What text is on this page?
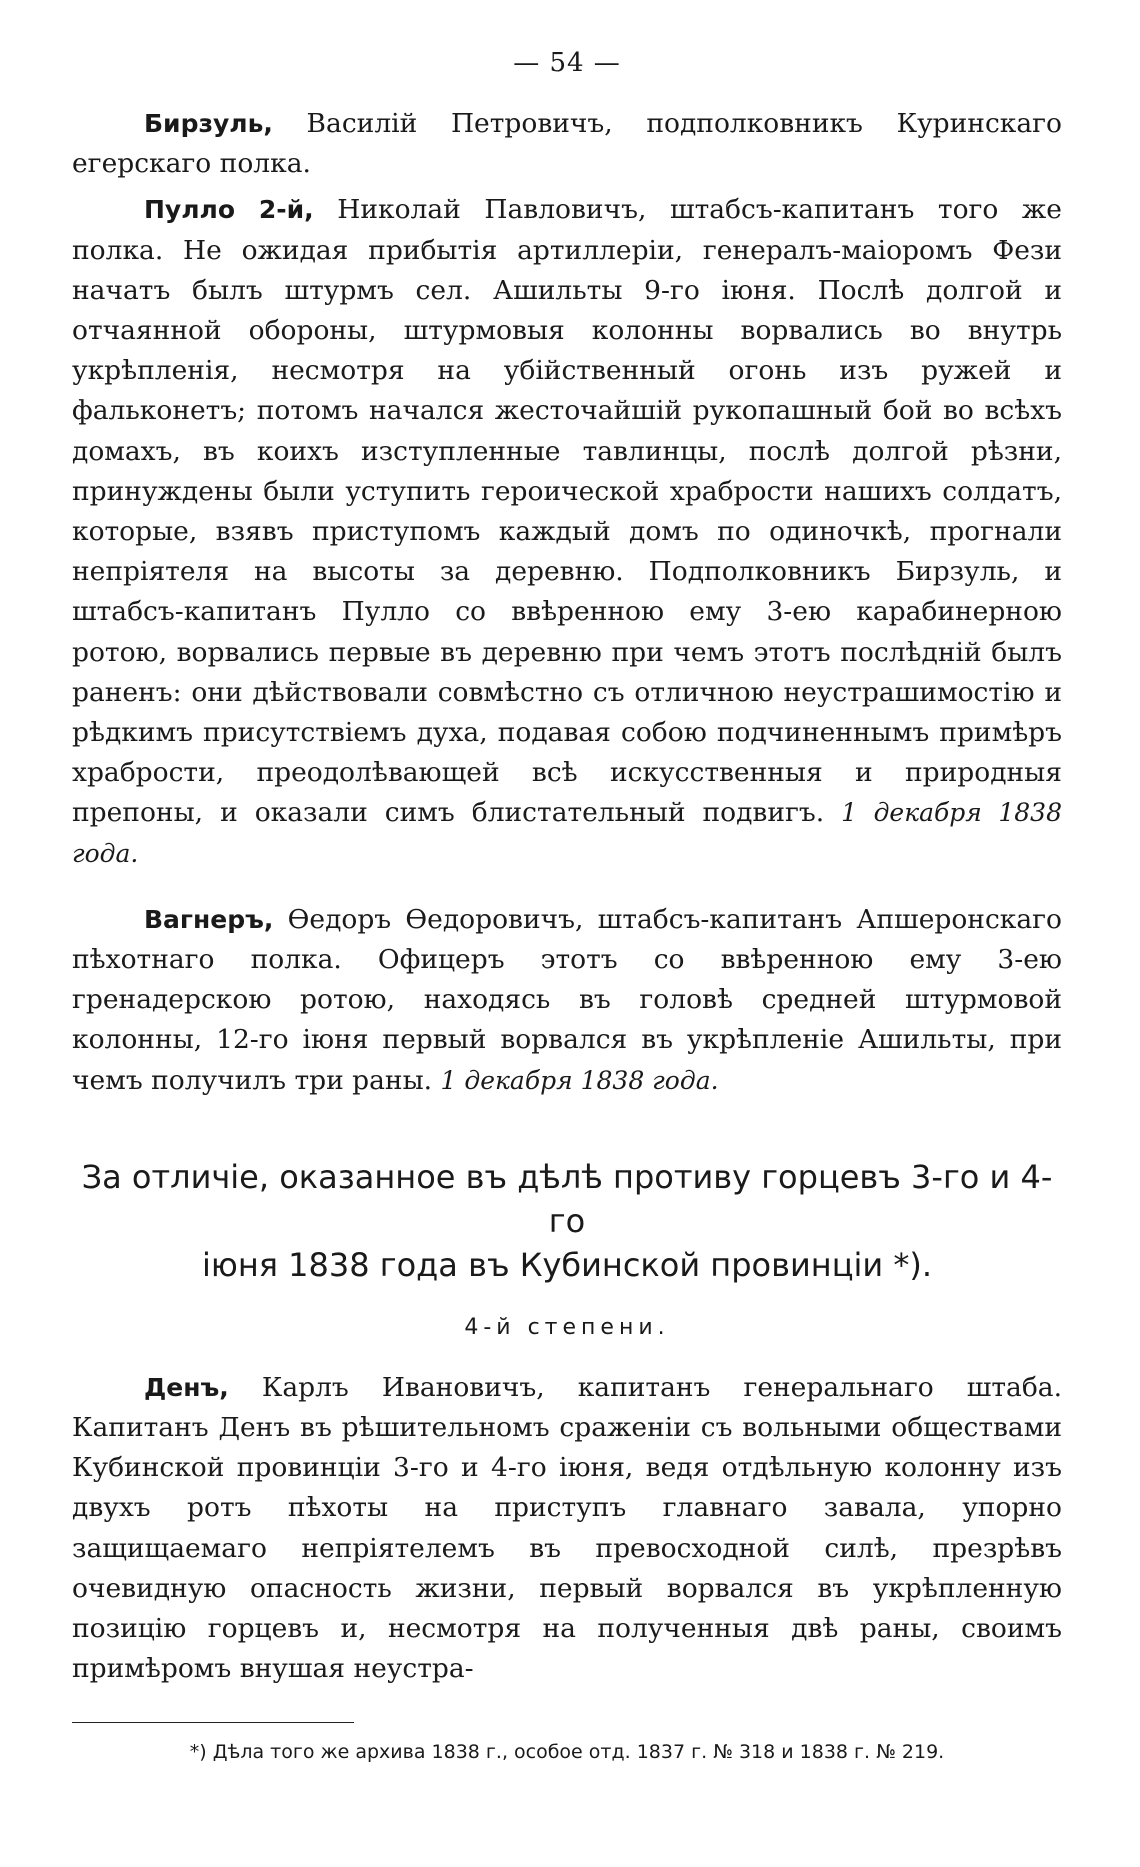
— 54 —

Бирзуль, Василій Петровичъ, подполковникъ Куринскаго егерскаго полка.

Пулло 2-й, Николай Павловичъ, штабсъ-капитанъ того же полка. Не ожидая прибытія артиллеріи, генералъ-маіоромъ Фези начатъ былъ штурмъ сел. Ашильты 9-го іюня. Послѣ долгой и отчаянной обороны, штурмовыя колонны ворвались во внутрь укрѣпленія, несмотря на убійственный огонь изъ ружей и фальконетъ; потомъ начался жесточайшій рукопашный бой во всѣхъ домахъ, въ коихъ изступленные тавлинцы, послѣ долгой рѣзни, принуждены были уступить героической храбрости нашихъ солдатъ, которые, взявъ приступомъ каждый домъ по одиночкѣ, прогнали непріятеля на высоты за деревню. Подполковникъ Бирзуль, и штабсъ-капитанъ Пулло со ввѣренною ему 3-ею карабинерною ротою, ворвались первые въ деревню при чемъ этотъ послѣдній былъ раненъ: они дѣйствовали совмѣстно съ отличною неустрашимостію и рѣдкимъ присутствіемъ духа, подавая собою подчиненнымъ примѣръ храбрости, преодолѣвающей всѣ искусственныя и природныя препоны, и оказали симъ блистательный подвигъ. 1 декабря 1838 года.

Вагнеръ, Өедоръ Өедоровичъ, штабсъ-капитанъ Апшеронскаго пѣхотнаго полка. Офицеръ этотъ со ввѣренною ему 3-ею гренадерскою ротою, находясь въ головѣ средней штурмовой колонны, 12-го іюня первый ворвался въ укрѣпленіе Ашильты, при чемъ получилъ три раны. 1 декабря 1838 года.

За отличіе, оказанное въ дѣлѣ противу горцевъ 3-го и 4-го
іюня 1838 года въ Кубинской провинціи *).
4-й степени.

Денъ, Карлъ Ивановичъ, капитанъ генеральнаго штаба. Капитанъ Денъ въ рѣшительномъ сраженіи съ вольными обществами Кубинской провинціи 3-го и 4-го іюня, ведя отдѣльную колонну изъ двухъ ротъ пѣхоты на приступъ главнаго завала, упорно защищаемаго непріятелемъ въ превосходной силѣ, презрѣвъ очевидную опасность жизни, первый ворвался въ укрѣпленную позицію горцевъ и, несмотря на полученныя двѣ раны, своимъ примѣромъ внушая неустра-

*) Дѣла того же архива 1838 г., особое отд. 1837 г. № 318 и 1838 г. № 219.
